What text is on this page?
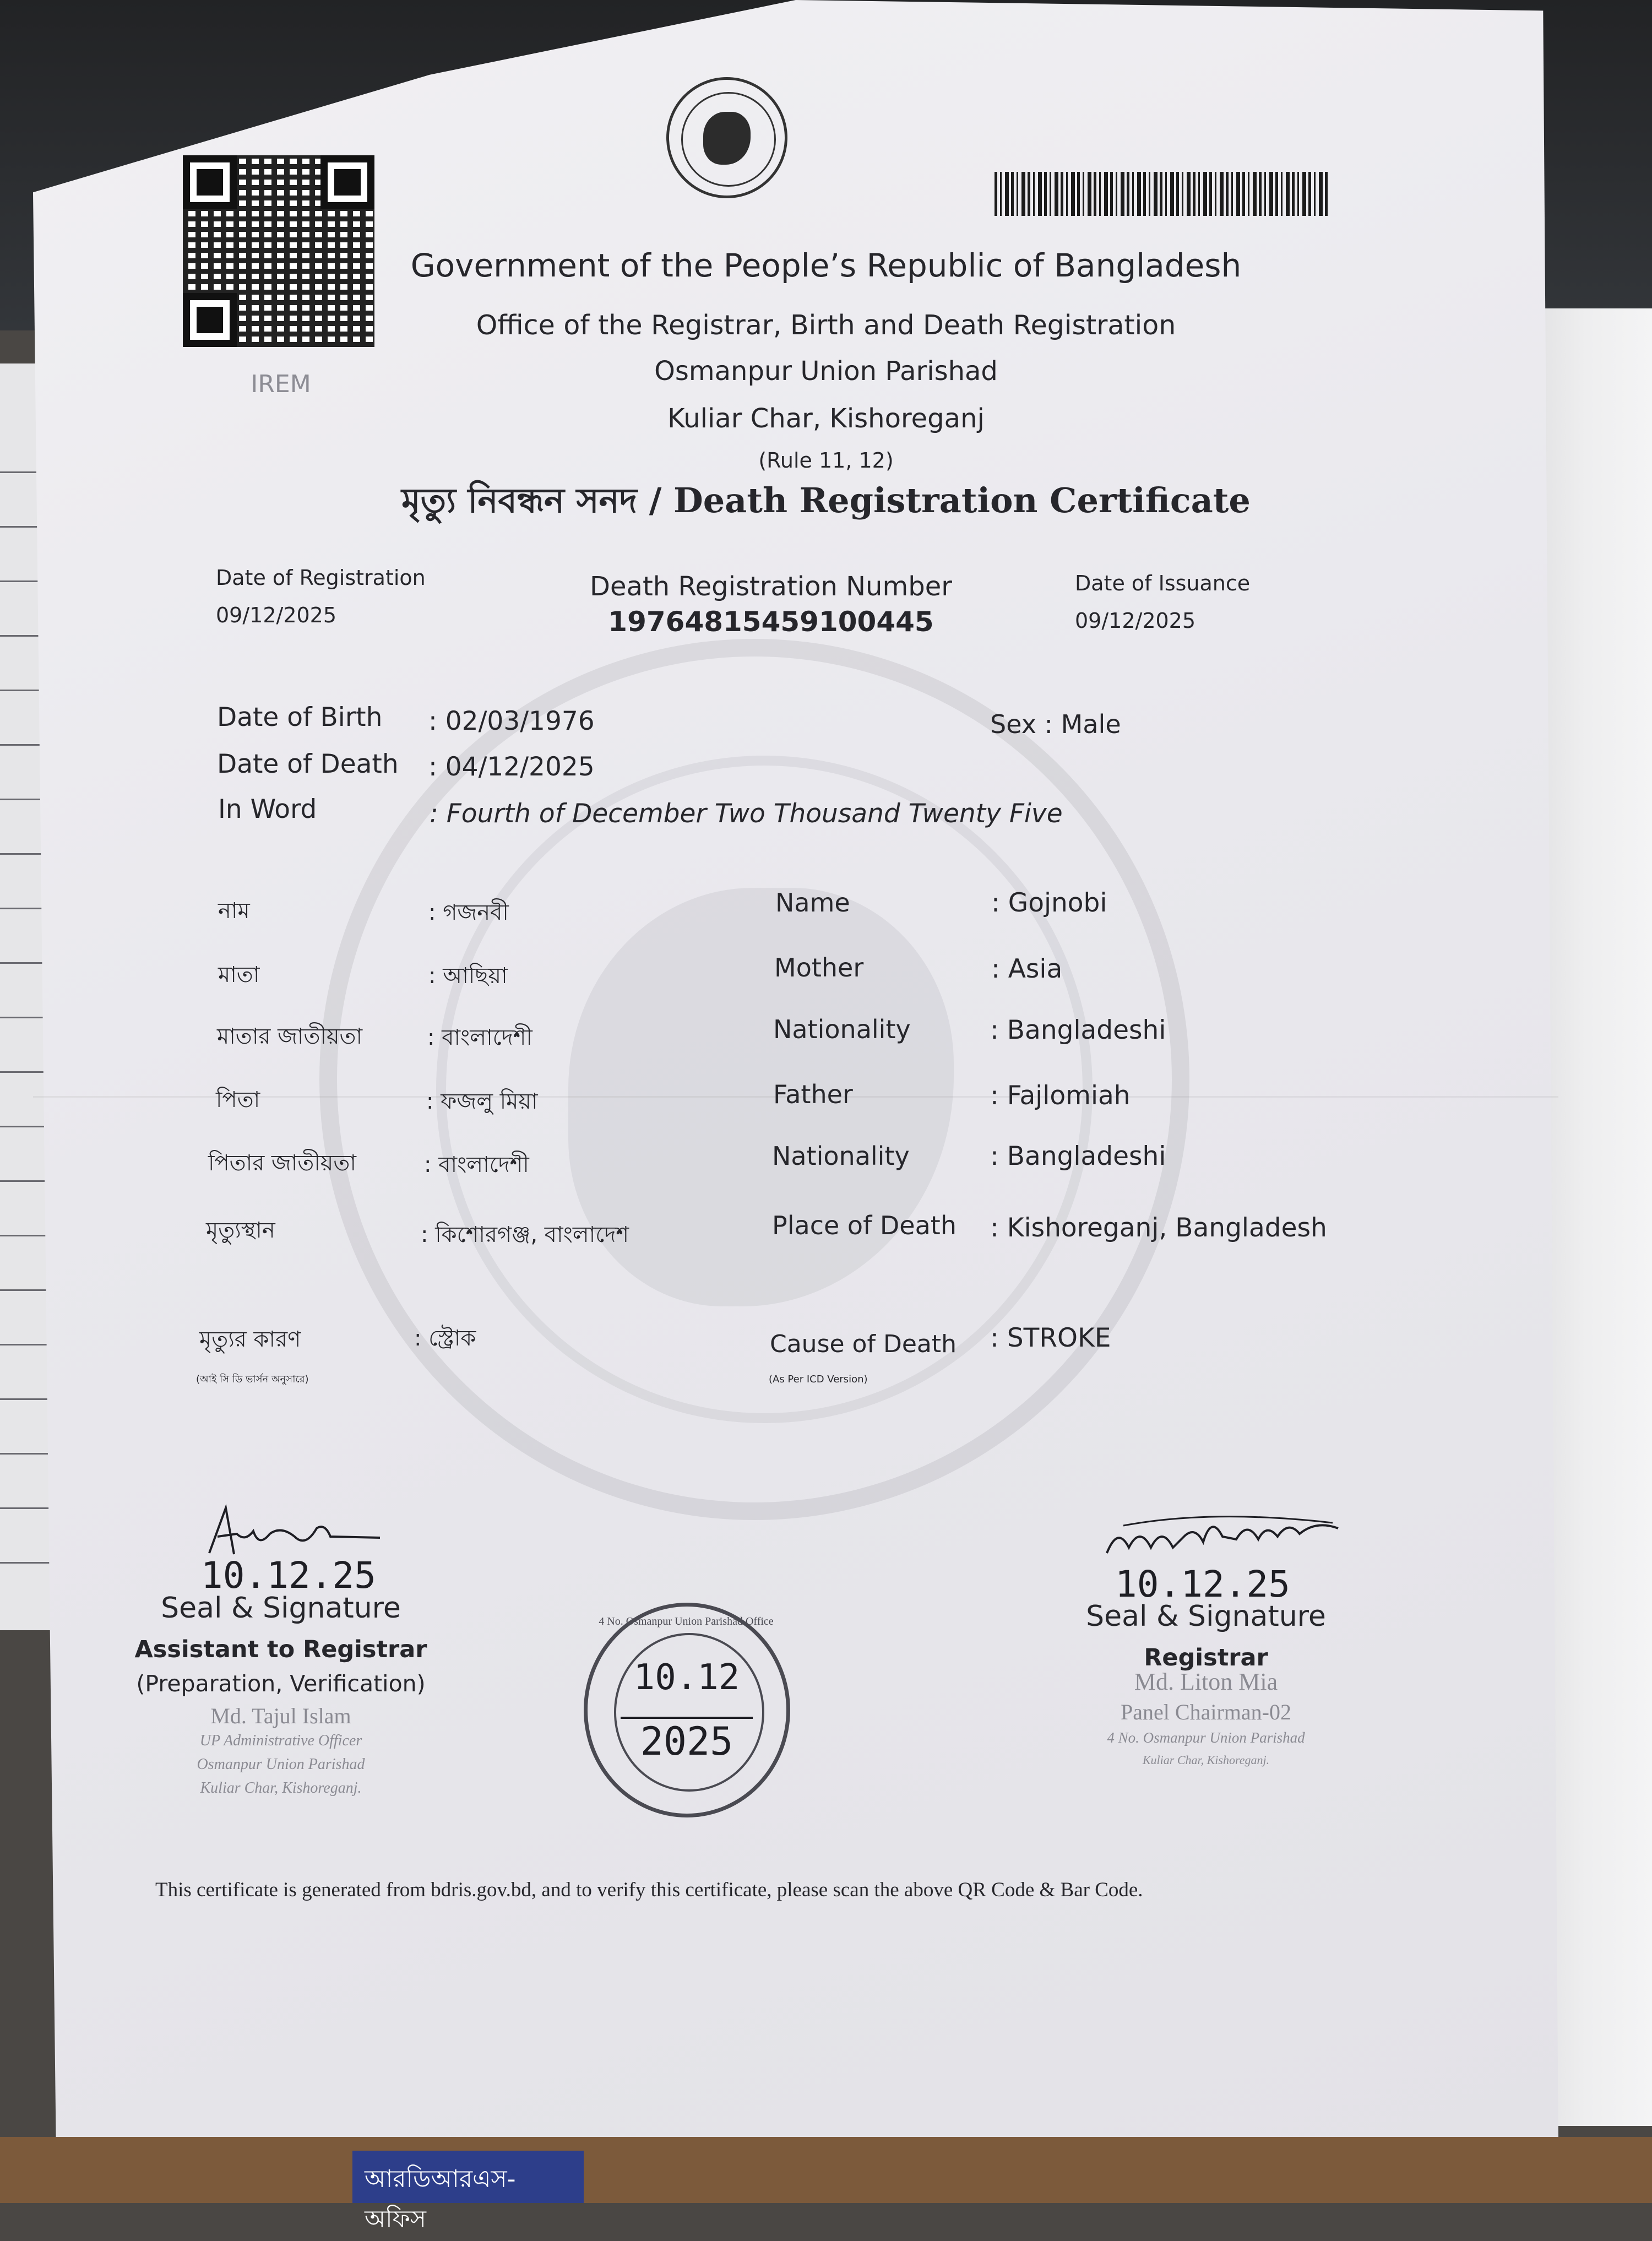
আরডিআরএস- অফিস
IREM
Government of the People’s Republic of Bangladesh
Office of the Registrar, Birth and Death Registration
Osmanpur Union Parishad
Kuliar Char, Kishoreganj
(Rule 11, 12)
মৃত্যু নিবন্ধন সনদ / Death Registration Certificate
Date of Registration
09/12/2025
Death Registration Number
19764815459100445
Date of Issuance
09/12/2025
Date of Birth : 02/03/1976
Date of Death : 04/12/2025
In Word	: Fourth of December Two Thousand Twenty Five
Sex : Male
নাম	: গজনবী	Name	: Gojnobi
মাতা	: আছিয়া	Mother	: Asia
মাতার জাতীয়তা	: বাংলাদেশী	Nationality	: Bangladeshi
পিতা	: ফজলু মিয়া	Father	: Fajlomiah
পিতার জাতীয়তা	: বাংলাদেশী	Nationality	: Bangladeshi
মৃত্যুস্থান	: কিশোরগঞ্জ, বাংলাদেশ	Place of Death : Kishoreganj, Bangladesh
মৃত্যুর কারণ	: স্ট্রোক	Cause of Death : STROKE
(আই সি ডি ভার্সন অনুসারে)	(As Per ICD Version)
10.12.25
Seal & Signature
Assistant to Registrar
(Preparation, Verification)
Md. Tajul Islam
UP Administrative Officer
Osmanpur Union Parishad
Kuliar Char, Kishoreganj.
4 No. Osmanpur Union Parishad Office
10.12
2025
10.12.25
Seal & Signature
Registrar
Md. Liton Mia
Panel Chairman-02
4 No. Osmanpur Union Parishad
Kuliar Char, Kishoreganj.
This certificate is generated from bdris.gov.bd, and to verify this certificate, please scan the above QR Code & Bar Code.
